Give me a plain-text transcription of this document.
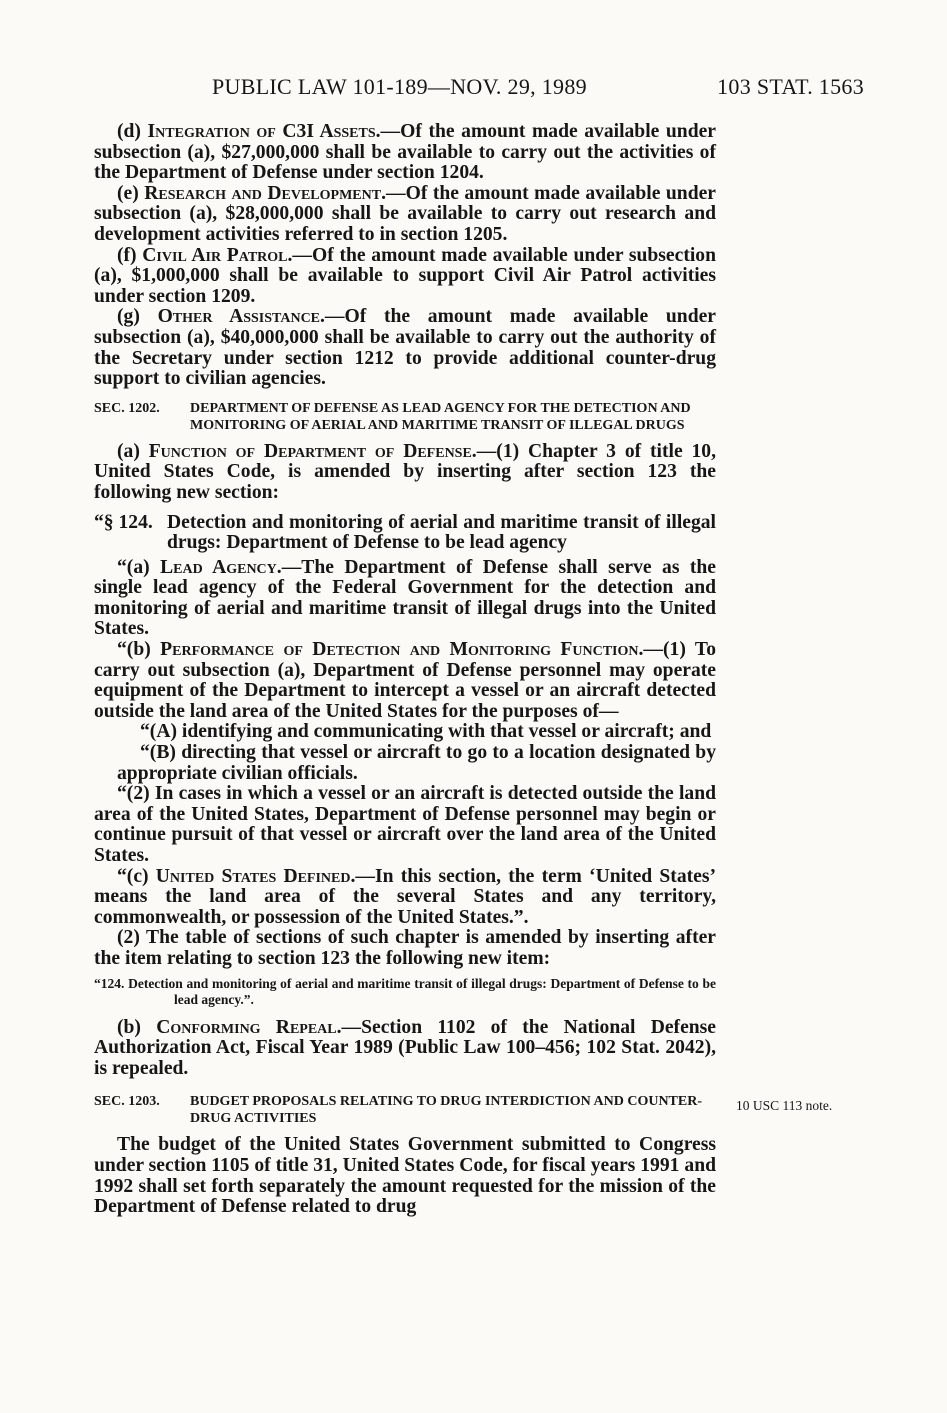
PUBLIC LAW 101-189—NOV. 29, 1989	103 STAT. 1563

(d) Integration of C3I Assets.—Of the amount made available under subsection (a), $27,000,000 shall be available to carry out the activities of the Department of Defense under section 1204.

(e) Research and Development.—Of the amount made available under subsection (a), $28,000,000 shall be available to carry out research and development activities referred to in section 1205.

(f) Civil Air Patrol.—Of the amount made available under subsection (a), $1,000,000 shall be available to support Civil Air Patrol activities under section 1209.

(g) Other Assistance.—Of the amount made available under subsection (a), $40,000,000 shall be available to carry out the authority of the Secretary under section 1212 to provide additional counter-drug support to civilian agencies.

SEC. 1202. DEPARTMENT OF DEFENSE AS LEAD AGENCY FOR THE DETECTION AND MONITORING OF AERIAL AND MARITIME TRANSIT OF ILLEGAL DRUGS

(a) Function of Department of Defense.—(1) Chapter 3 of title 10, United States Code, is amended by inserting after section 123 the following new section:

“§ 124. Detection and monitoring of aerial and maritime transit of illegal drugs: Department of Defense to be lead agency

“(a) Lead Agency.—The Department of Defense shall serve as the single lead agency of the Federal Government for the detection and monitoring of aerial and maritime transit of illegal drugs into the United States.

“(b) Performance of Detection and Monitoring Function.—(1) To carry out subsection (a), Department of Defense personnel may operate equipment of the Department to intercept a vessel or an aircraft detected outside the land area of the United States for the purposes of—

“(A) identifying and communicating with that vessel or aircraft; and

“(B) directing that vessel or aircraft to go to a location designated by appropriate civilian officials.

“(2) In cases in which a vessel or an aircraft is detected outside the land area of the United States, Department of Defense personnel may begin or continue pursuit of that vessel or aircraft over the land area of the United States.

“(c) United States Defined.—In this section, the term ‘United States’ means the land area of the several States and any territory, commonwealth, or possession of the United States.”.

(2) The table of sections of such chapter is amended by inserting after the item relating to section 123 the following new item:

“124. Detection and monitoring of aerial and maritime transit of illegal drugs: Department of Defense to be lead agency.”.

(b) Conforming Repeal.—Section 1102 of the National Defense Authorization Act, Fiscal Year 1989 (Public Law 100–456; 102 Stat. 2042), is repealed.

SEC. 1203. BUDGET PROPOSALS RELATING TO DRUG INTERDICTION AND COUNTER-DRUG ACTIVITIES

The budget of the United States Government submitted to Congress under section 1105 of title 31, United States Code, for fiscal years 1991 and 1992 shall set forth separately the amount requested for the mission of the Department of Defense related to drug

10 USC 113 note.
